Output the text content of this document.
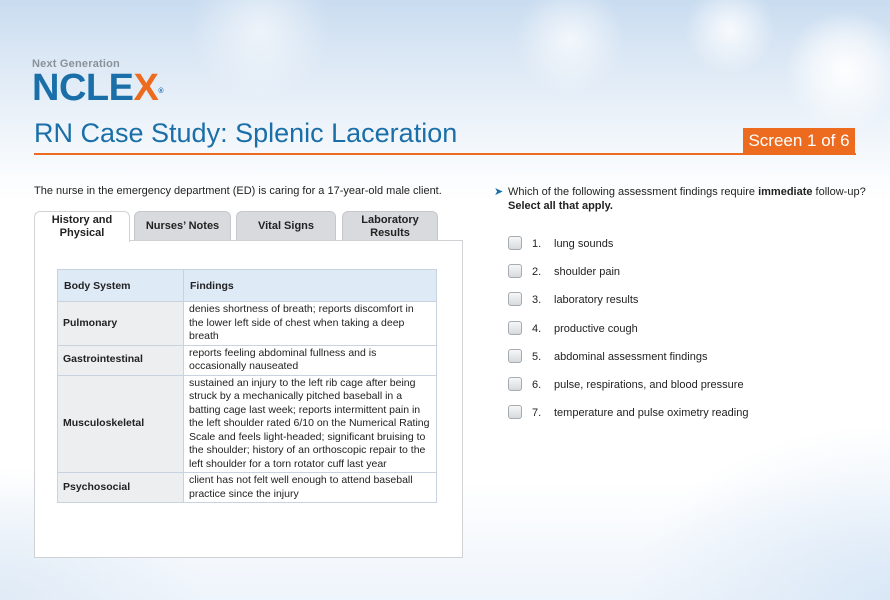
Next Generation
NCLEX®
RN Case Study: Splenic Laceration	Screen 1 of 6
The nurse in the emergency department (ED) is caring for a 17-year-old male client.
History and
Physical
Nurses’ Notes	Vital Signs
Laboratory
Results
Body System	Findings
Pulmonary	denies shortness of breath; reports discomfort in the lower left side of chest when taking a deep breath
Gastrointestinal	reports feeling abdominal fullness and is occasionally nauseated
Musculoskeletal	sustained an injury to the left rib cage after being struck by a mechanically pitched baseball in a batting cage last week; reports intermittent pain in the left shoulder rated 6/10 on the Numerical Rating Scale and feels light-headed; significant bruising to the shoulder; history of an orthoscopic repair to the left shoulder for a torn rotator cuff last year
Psychosocial	client has not felt well enough to attend baseball practice since the injury
➤ Which of the following assessment findings require immediate follow-up?
Select all that apply.
1. lung sounds
2. shoulder pain
3. laboratory results
4. productive cough
5. abdominal assessment findings
6. pulse, respirations, and blood pressure
7. temperature and pulse oximetry reading
